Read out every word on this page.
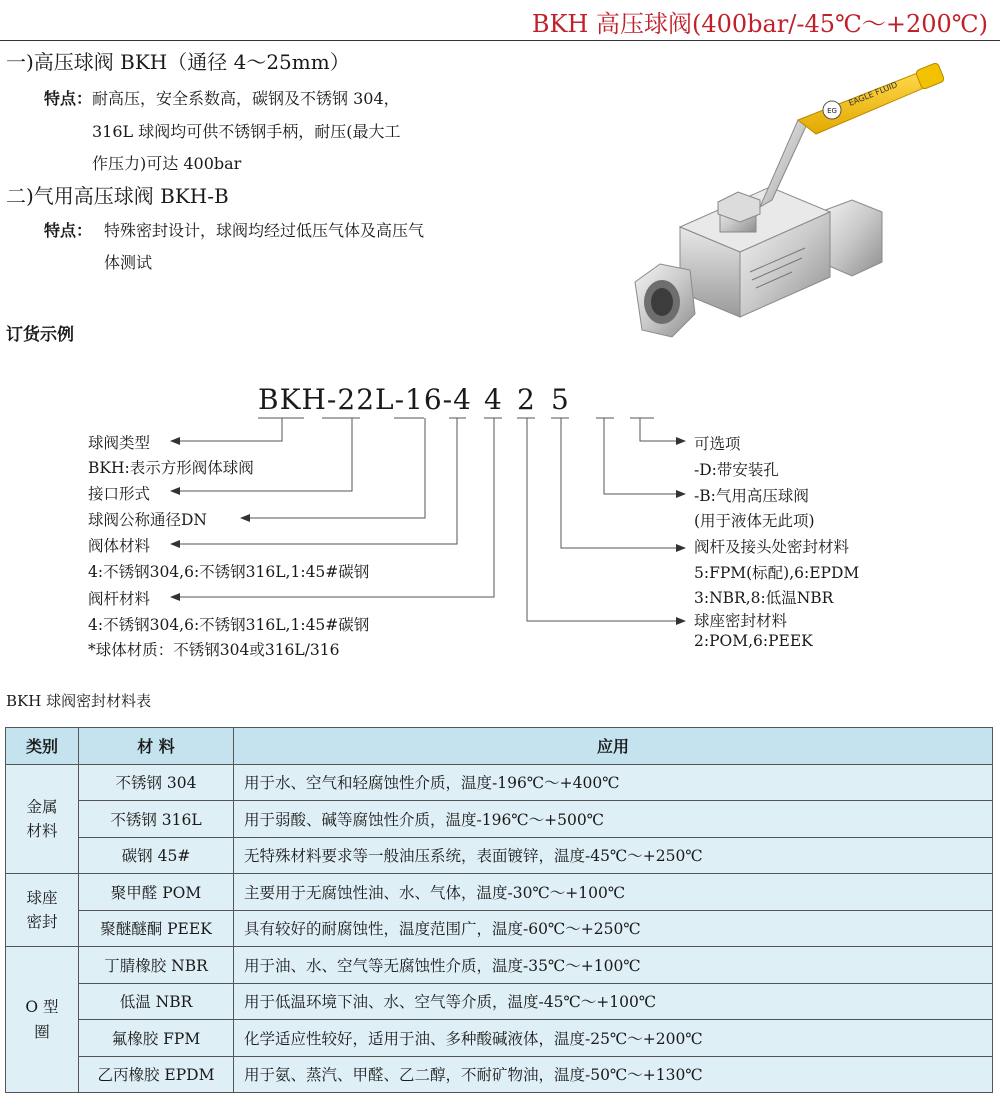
BKH 高压球阀(400bar/-45℃～+200℃)
一)高压球阀 BKH（通径 4～25mm）
特点： 耐高压，安全系数高，碳钢及不锈钢 304，
316L 球阀均可供不锈钢手柄，耐压(最大工
作压力)可达 400bar
二)气用高压球阀 BKH-B
特点： 特殊密封设计，球阀均经过低压气体及高压气
体测试
EG
EAGLE FLUID
订货示例
BKH-22L-16-4 4 2 5
球阀类型
BKH:表示方形阀体球阀
接口形式
球阀公称通径DN
阀体材料
4:不锈钢304,6:不锈钢316L,1:45#碳钢
阀杆材料
4:不锈钢304,6:不锈钢316L,1:45#碳钢
*球体材质：不锈钢304或316L/316
可选项
-D:带安装孔
-B:气用高压球阀
(用于液体无此项)
阀杆及接头处密封材料
5:FPM(标配),6:EPDM
3:NBR,8:低温NBR
球座密封材料
2:POM,6:PEEK
BKH 球阀密封材料表
类别	材 料	应用
金属
材料	不锈钢 304	用于水、空气和轻腐蚀性介质，温度-196℃～+400℃
	不锈钢 316L	用于弱酸、碱等腐蚀性介质，温度-196℃～+500℃
	碳钢 45#	无特殊材料要求等一般油压系统，表面镀锌，温度-45℃～+250℃
球座
密封	聚甲醛 POM	主要用于无腐蚀性油、水、气体，温度-30℃～+100℃
	聚醚醚酮 PEEK	具有较好的耐腐蚀性，温度范围广，温度-60℃～+250℃
O 型
圈	丁腈橡胶 NBR	用于油、水、空气等无腐蚀性介质，温度-35℃～+100℃
	低温 NBR	用于低温环境下油、水、空气等介质，温度-45℃～+100℃
	氟橡胶 FPM	化学适应性较好，适用于油、多种酸碱液体，温度-25℃～+200℃
	乙丙橡胶 EPDM	用于氨、蒸汽、甲醛、乙二醇，不耐矿物油，温度-50℃～+130℃
